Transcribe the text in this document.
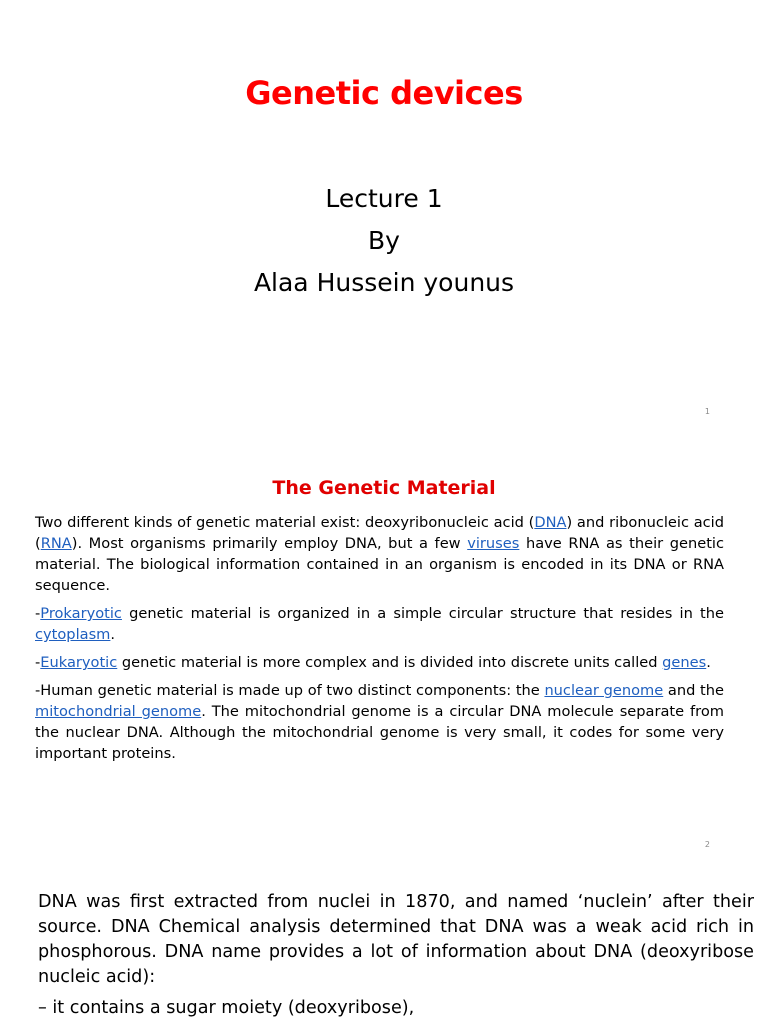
Genetic devices
Lecture 1
By
Alaa Hussein younus
1
The Genetic Material

Two different kinds of genetic material exist: deoxyribonucleic acid (DNA) and ribonucleic acid (RNA). Most organisms primarily employ DNA, but a few viruses have RNA as their genetic material. The biological information contained in an organism is encoded in its DNA or RNA sequence.

-Prokaryotic genetic material is organized in a simple circular structure that resides in the cytoplasm.

-Eukaryotic genetic material is more complex and is divided into discrete units called genes.

-Human genetic material is made up of two distinct components: the nuclear genome and the mitochondrial genome. The mitochondrial genome is a circular DNA molecule separate from the nuclear DNA. Although the mitochondrial genome is very small, it codes for some very important proteins.

2

DNA was first extracted from nuclei in 1870, and named ‘nuclein’ after their source. DNA Chemical analysis determined that DNA was a weak acid rich in phosphorous. DNA name provides a lot of information about DNA (deoxyribose nucleic acid):

– it contains a sugar moiety (deoxyribose),
